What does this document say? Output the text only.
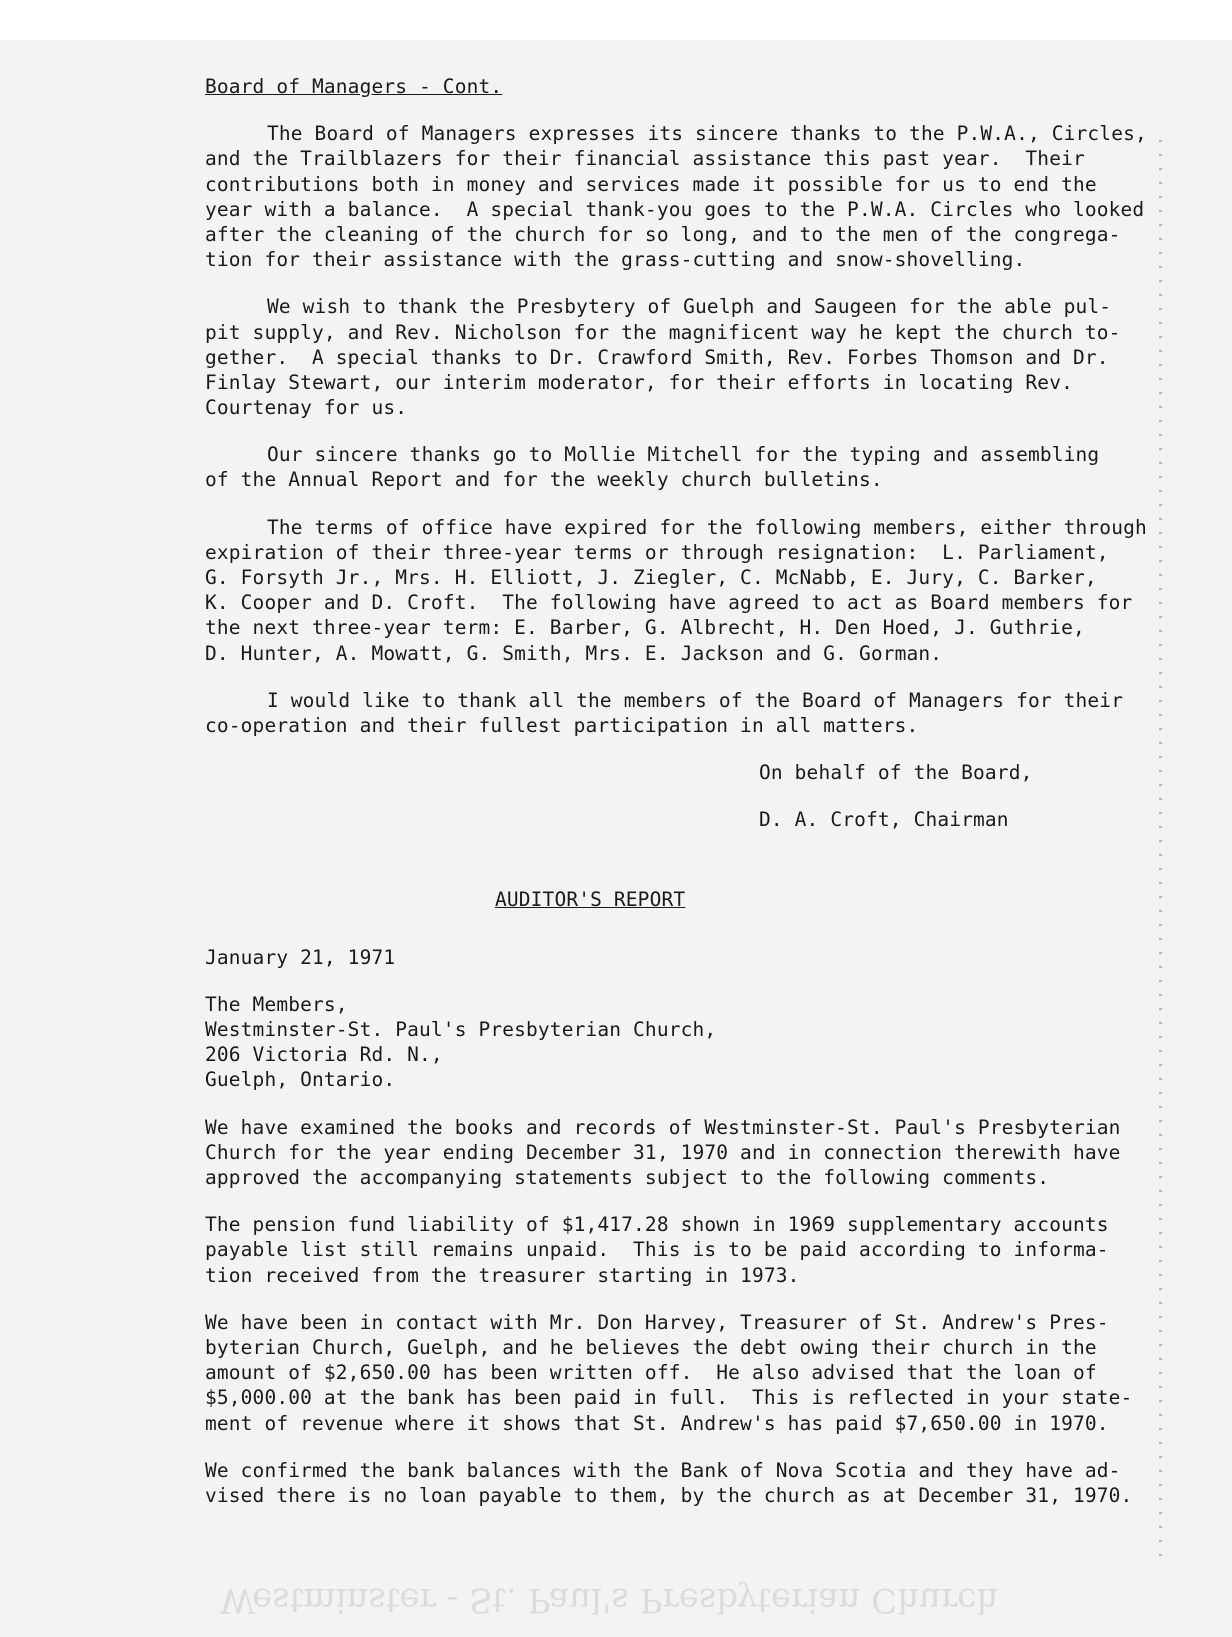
Board of Managers - Cont.
The Board of Managers expresses its sincere thanks to the P.W.A., Circles,
and the Trailblazers for their financial assistance this past year.  Their
contributions both in money and services made it possible for us to end the
year with a balance.  A special thank-you goes to the P.W.A. Circles who looked
after the cleaning of the church for so long, and to the men of the congrega-
tion for their assistance with the grass-cutting and snow-shovelling.
We wish to thank the Presbytery of Guelph and Saugeen for the able pul-
pit supply, and Rev. Nicholson for the magnificent way he kept the church to-
gether.  A special thanks to Dr. Crawford Smith, Rev. Forbes Thomson and Dr.
Finlay Stewart, our interim moderator, for their efforts in locating Rev.
Courtenay for us.
Our sincere thanks go to Mollie Mitchell for the typing and assembling
of the Annual Report and for the weekly church bulletins.
The terms of office have expired for the following members, either through
expiration of their three-year terms or through resignation:  L. Parliament,
G. Forsyth Jr., Mrs. H. Elliott, J. Ziegler, C. McNabb, E. Jury, C. Barker,
K. Cooper and D. Croft.  The following have agreed to act as Board members for
the next three-year term: E. Barber, G. Albrecht, H. Den Hoed, J. Guthrie,
D. Hunter, A. Mowatt, G. Smith, Mrs. E. Jackson and G. Gorman.
I would like to thank all the members of the Board of Managers for their
co-operation and their fullest participation in all matters.
On behalf of the Board,
D. A. Croft, Chairman
AUDITOR'S REPORT
January 21, 1971
The Members,
Westminster-St. Paul's Presbyterian Church,
206 Victoria Rd. N.,
Guelph, Ontario.
We have examined the books and records of Westminster-St. Paul's Presbyterian
Church for the year ending December 31, 1970 and in connection therewith have
approved the accompanying statements subject to the following comments.
The pension fund liability of $1,417.28 shown in 1969 supplementary accounts
payable list still remains unpaid.  This is to be paid according to informa-
tion received from the treasurer starting in 1973.
We have been in contact with Mr. Don Harvey, Treasurer of St. Andrew's Pres-
byterian Church, Guelph, and he believes the debt owing their church in the
amount of $2,650.00 has been written off.  He also advised that the loan of
$5,000.00 at the bank has been paid in full.  This is reflected in your state-
ment of revenue where it shows that St. Andrew's has paid $7,650.00 in 1970.
We confirmed the bank balances with the Bank of Nova Scotia and they have ad-
vised there is no loan payable to them, by the church as at December 31, 1970.
